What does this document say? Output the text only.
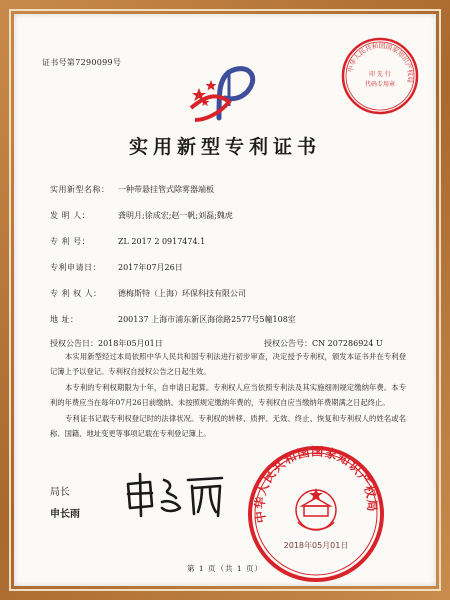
证书号第7290099号
中华人民共和国国家知识产权局
印 先 行
代码专用章
实用新型专利证书
实用新型名称： 一种带悬挂管式除雾器端板
发 明 人：	龚明月;徐成宏;赵一帆;刘磊;魏虎
专 利 号：	ZL 2017 2 0917474.1
专利申请日： 2017年07月26日
专 利 权 人： 德梅斯特（上海）环保科技有限公司
地 址：	200137 上海市浦东新区海徐路2577号5幢108室
授权公告日：2018年05月01日	授权公告号：CN 207286924 U

本实用新型经过本局依照中华人民共和国专利法进行初步审查，决定授予专利权，颁发本证书并在专利登记簿上予以登记。专利权自授权公告之日起生效。

本专利的专利权期限为十年，自申请日起算。专利权人应当依照专利法及其实施细则规定缴纳年费。本专利的年费应当在每年07月26日前缴纳。未按照规定缴纳年费的，专利权自应当缴纳年费期满之日起终止。

专利证书记载专利权登记时的法律状况。专利权的转移、质押、无效、终止、恢复和专利权人的姓名或名称、国籍、地址变更等事项记载在专利登记簿上。

局长
申长雨	中华人民共和国国家知识产权局
2018年05月01日
第 1 页（共 1 页）
